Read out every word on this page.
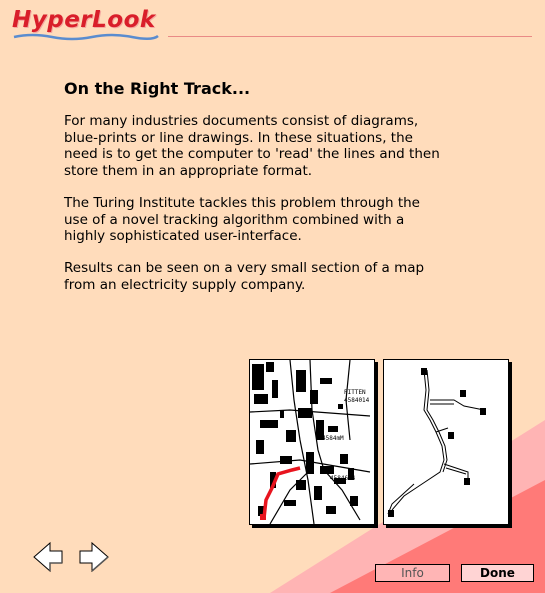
HyperLook
On the Right Track...
For many industries documents consist of diagrams,
blue-prints or line drawings. In these situations, the
need is to get the computer to 'read' the lines and then
store them in an appropriate format.
The Turing Institute tackles this problem through the
use of a novel tracking algorithm combined with a
highly sophisticated user-interface.
Results can be seen on a very small section of a map
from an electricity supply company.
PITTEN
4584014
4584mM
4584694
Info	Done
